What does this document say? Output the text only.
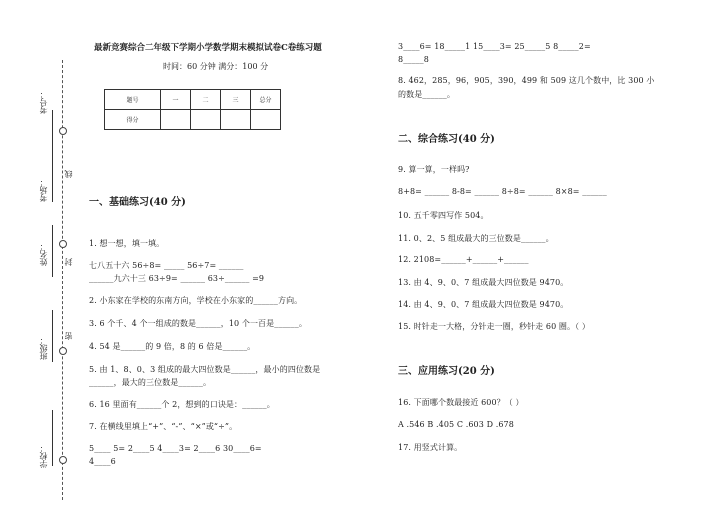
线
封
密
考号：
考场：
姓名：
班级：
学校：
最新竞赛综合二年级下学期小学数学期末模拟试卷C卷练习题
时间：60 分钟 满分：100 分
题号	一	二	三	总分
得分				
一、基础练习(40 分)
1. 想一想，填一填。
七八五十六 56÷8= _____ 56÷7= ______
______九六十三 63÷9= ______ 63÷______ =9
2. 小东家在学校的东南方向，学校在小东家的______方向。
3. 6 个千、4 个一组成的数是______，10 个一百是______。
4. 54 是______的 9 倍，8 的 6 倍是______。
5. 由 1、8、0、3 组成的最大四位数是______，最小的四位数是
______，最大的三位数是______。
6. 16 里面有______个 2，想到的口诀是：______。
7. 在横线里填上“+”、“-”、“×”或“÷”。
5____ 5= 2____5 4____3= 2____6 30____6=
4____6
3____6= 18_____1 15____3= 25_____5 8_____2=
8_____8
8. 462，285，96，905，390，499 和 509 这几个数中，比 300 小
的数是______。
二、综合练习(40 分)
9. 算一算，一样吗?
8+8= ______ 8-8= ______ 8÷8= ______ 8×8= ______
10. 五千零四写作 504。
11. 0、2、5 组成最大的三位数是______。
12. 2108=______+______+______
13. 由 4、9、0、7 组成最大四位数是 9470。
14. 由 4、9、0、7 组成最大四位数是 9470。
15. 时针走一大格，分针走一圈，秒针走 60 圈。（ ）
三、应用练习(20 分)
16. 下面哪个数最接近 600？（ ）
A .546 B .405 C .603 D .678
17. 用竖式计算。
